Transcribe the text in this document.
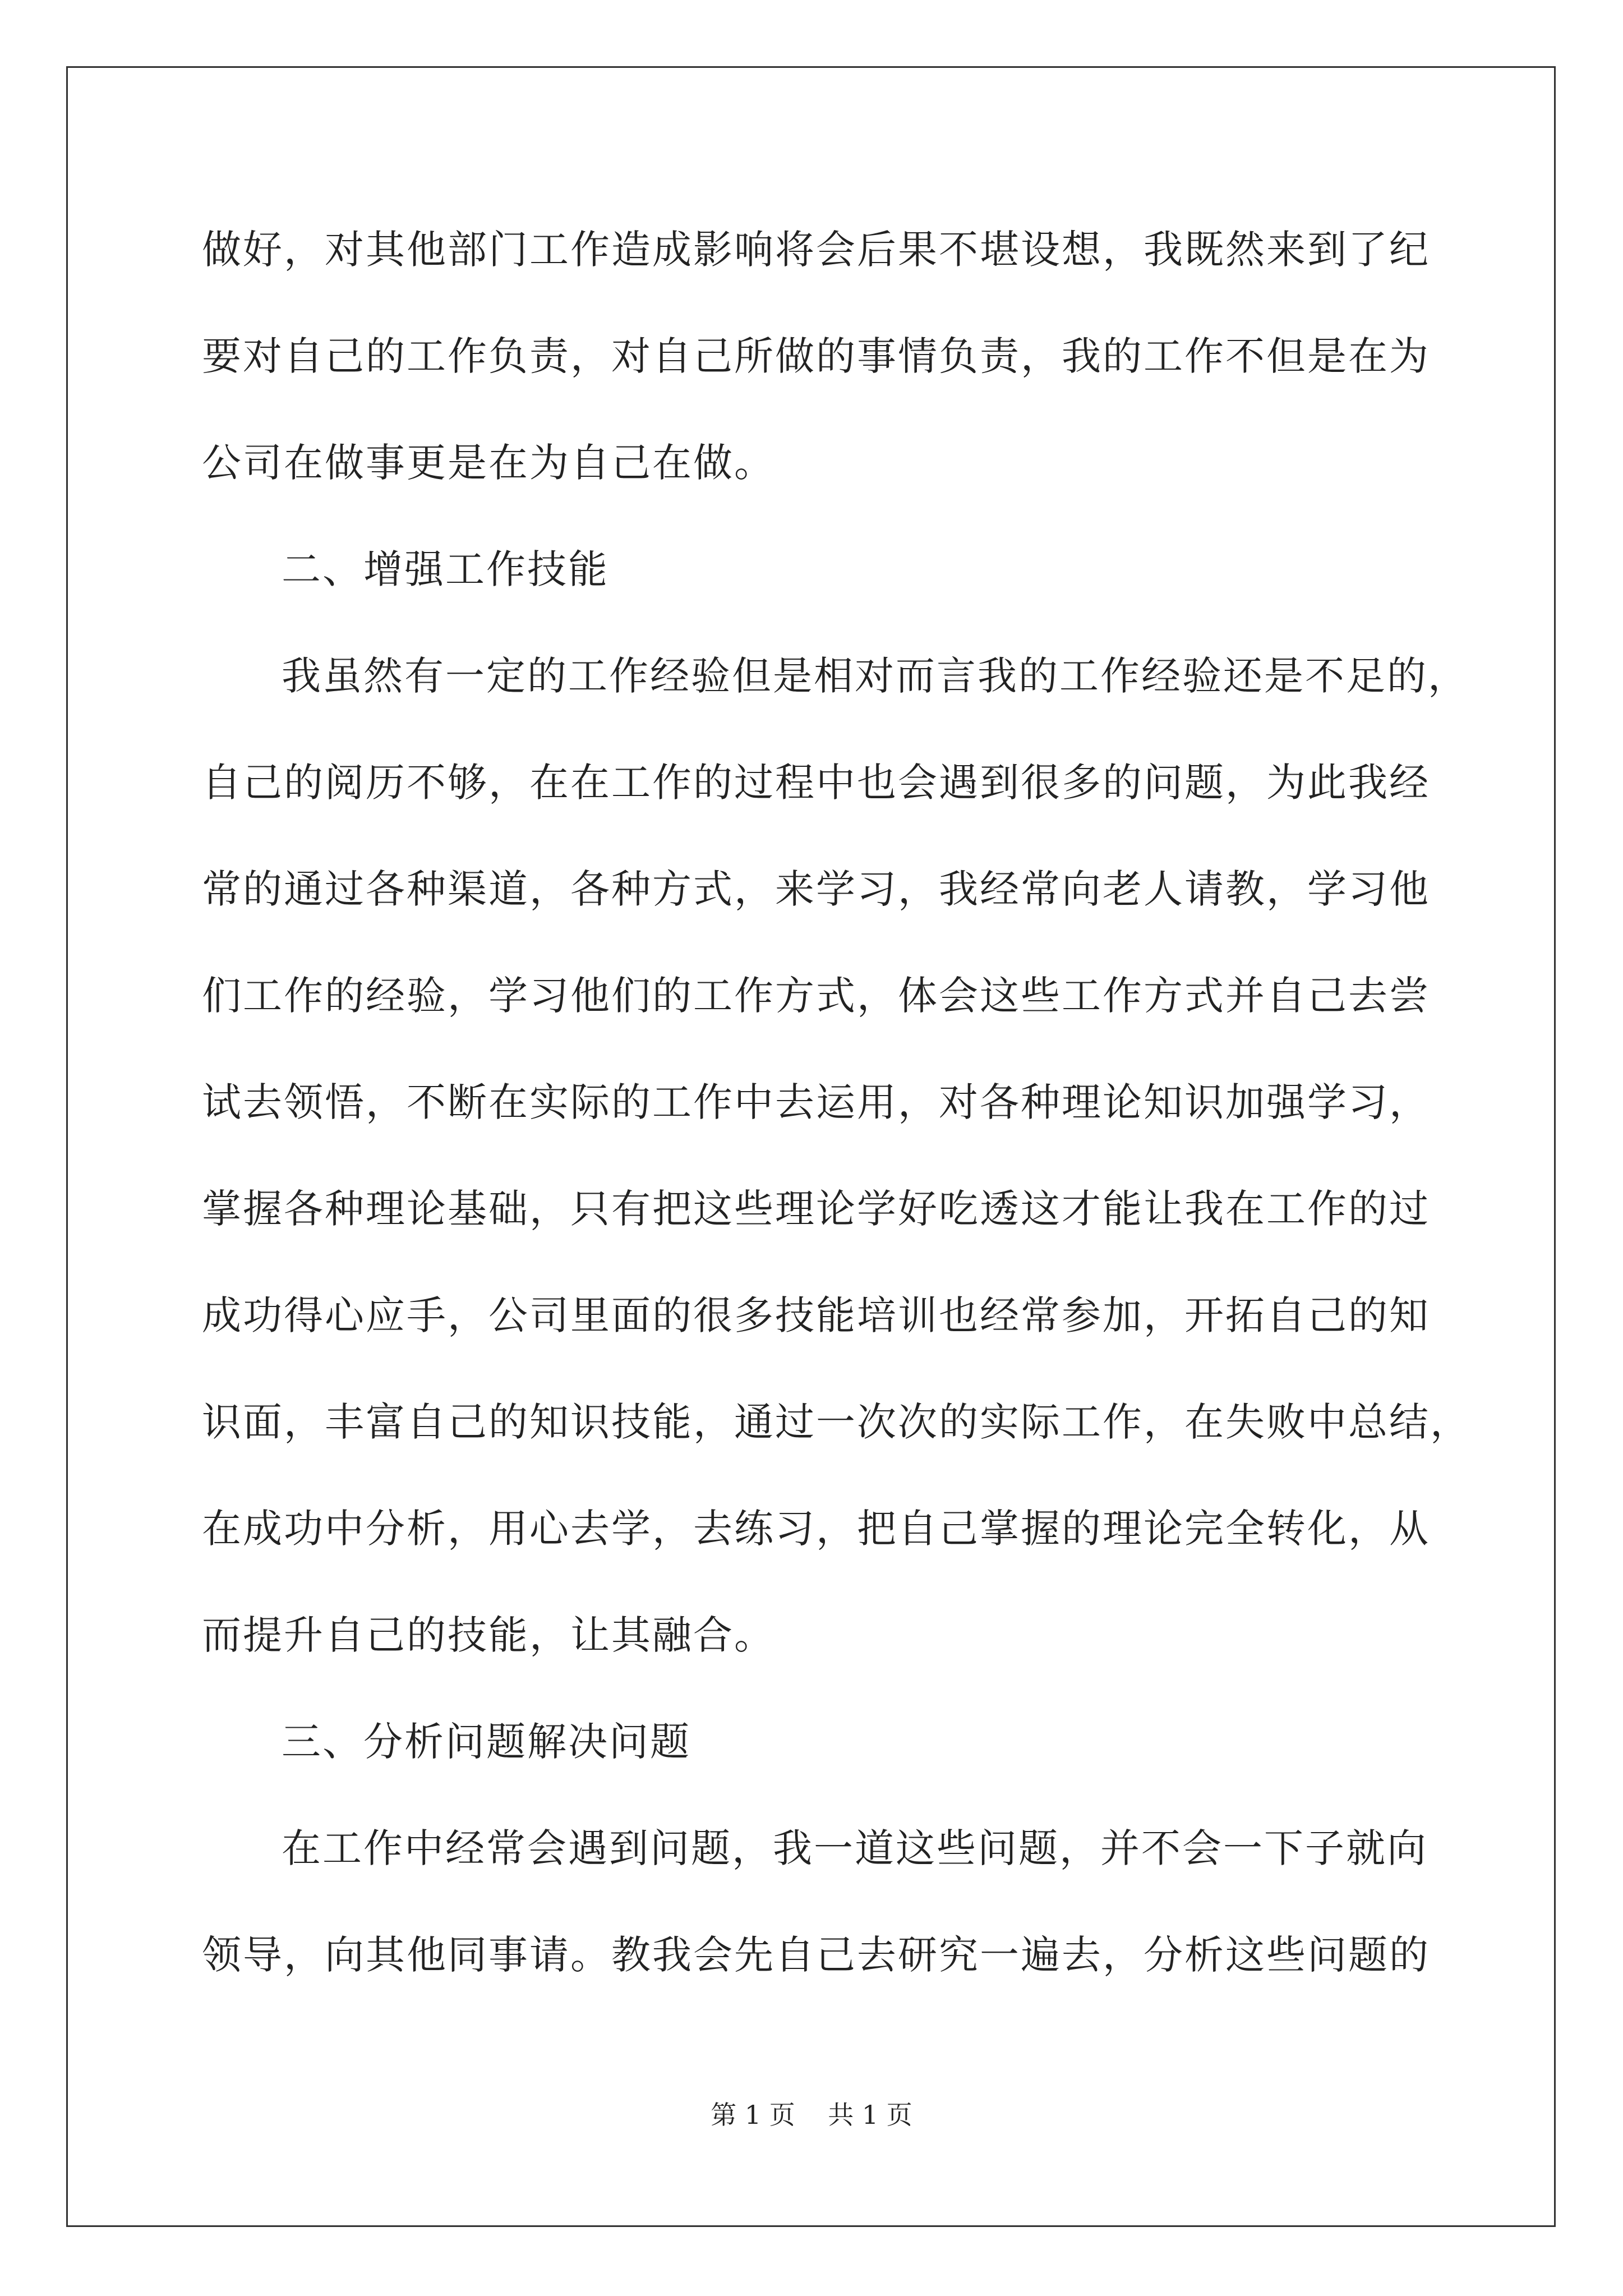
做好，对其他部门工作造成影响将会后果不堪设想，我既然来到了纪
要对自己的工作负责，对自己所做的事情负责，我的工作不但是在为
公司在做事更是在为自己在做。
二、增强工作技能
我虽然有一定的工作经验但是相对而言我的工作经验还是不足的，
自己的阅历不够，在在工作的过程中也会遇到很多的问题，为此我经
常的通过各种渠道，各种方式，来学习，我经常向老人请教，学习他
们工作的经验，学习他们的工作方式，体会这些工作方式并自己去尝
试去领悟，不断在实际的工作中去运用，对各种理论知识加强学习，
掌握各种理论基础，只有把这些理论学好吃透这才能让我在工作的过
成功得心应手，公司里面的很多技能培训也经常参加，开拓自己的知
识面，丰富自己的知识技能，通过一次次的实际工作，在失败中总结，
在成功中分析，用心去学，去练习，把自己掌握的理论完全转化，从
而提升自己的技能，让其融合。
三、分析问题解决问题
在工作中经常会遇到问题，我一道这些问题，并不会一下子就向
领导，向其他同事请。教我会先自己去研究一遍去，分析这些问题的
第 1 页    共 1 页
